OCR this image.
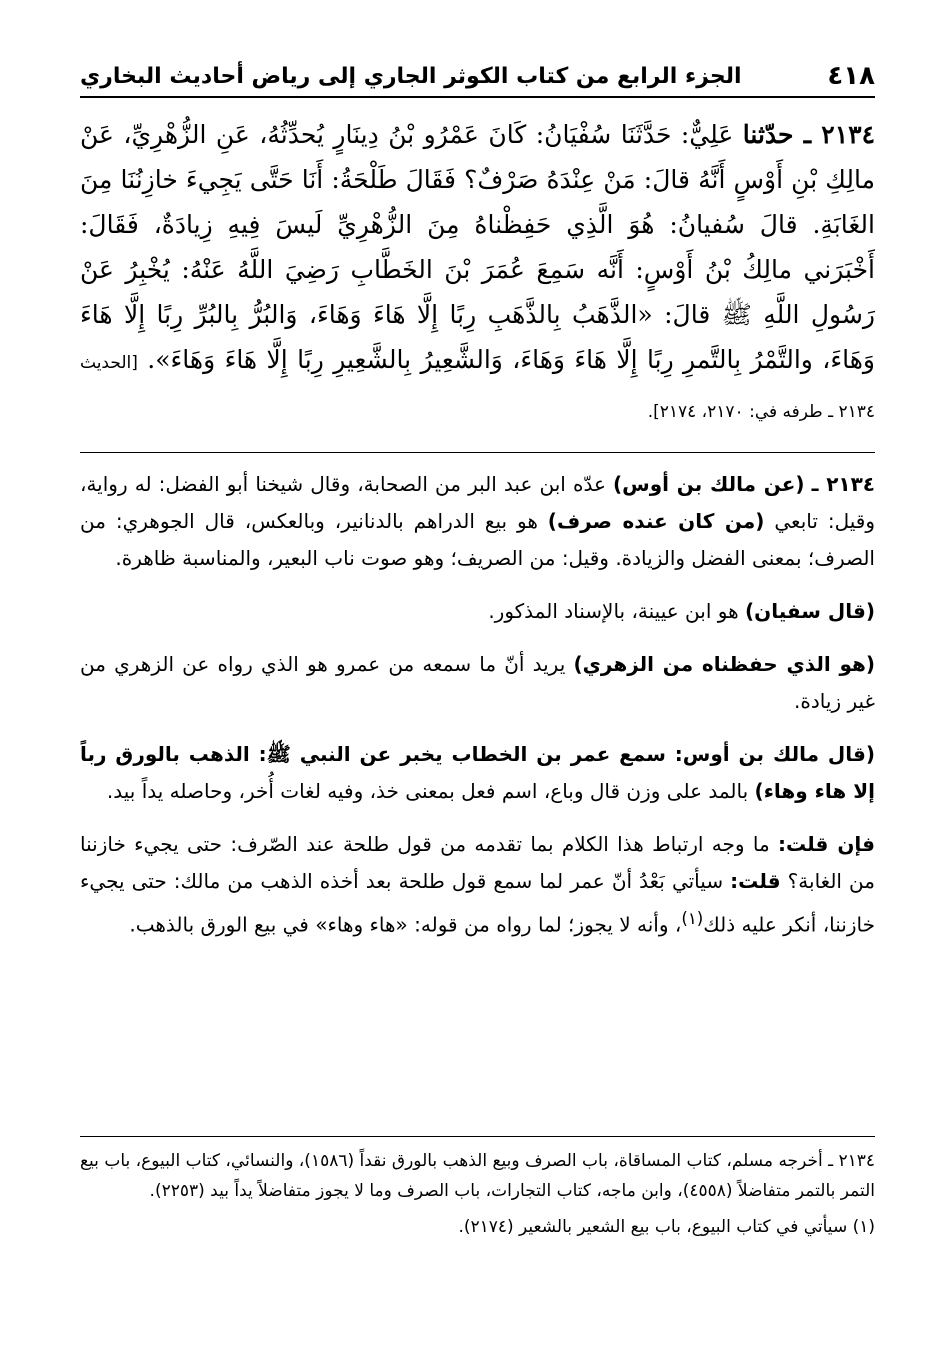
٤١٨
الجزء الرابع من كتاب الكوثر الجاري إلى رياض أحاديث البخاري
٢١٣٤ ـ حدّثنا عَلِيٌّ: حَدَّثَنَا سُفْيَانُ: كَانَ عَمْرُو بْنُ دِينَارٍ يُحدِّثُهُ، عَنِ الزُّهْرِيِّ، عَنْ مالِكِ بْنِ أَوْسٍ أَنَّهُ قالَ: مَنْ عِنْدَهُ صَرْفٌ؟ فَقَالَ طَلْحَةُ: أَنَا حَتَّى يَجِيءَ خازِنُنَا مِنَ الغَابَةِ. قالَ سُفيانُ: هُوَ الَّذِي حَفِظْناهُ مِنَ الزُّهْرِيِّ لَيسَ فِيهِ زِيادَةٌ، فَقَالَ: أَخْبَرَني مالِكُ بْنُ أَوْسٍ: أَنَّه سَمِعَ عُمَرَ بْنَ الخَطَّابِ رَضِيَ اللَّهُ عَنْهُ: يُخْبِرُ عَنْ رَسُولِ اللَّهِ ﷺ قالَ: «الذَّهَبُ بِالذَّهَبِ رِبًا إِلَّا هَاءَ وَهَاءَ، وَالبُرُّ بِالبُرِّ رِبًا إِلَّا هَاءَ وَهَاءَ، والتَّمْرُ بِالتَّمرِ رِبًا إِلَّا هَاءَ وَهَاءَ، وَالشَّعِيرُ بِالشَّعِيرِ رِبًا إِلَّا هَاءَ وَهَاءَ». [الحديث ٢١٣٤ ـ طرفه في: ٢١٧٠، ٢١٧٤].

٢١٣٤ ـ (عن مالك بن أوس) عدّه ابن عبد البر من الصحابة، وقال شيخنا أبو الفضل: له رواية، وقيل: تابعي (من كان عنده صرف) هو بيع الدراهم بالدنانير، وبالعكس، قال الجوهري: من الصرف؛ بمعنى الفضل والزيادة. وقيل: من الصريف؛ وهو صوت ناب البعير، والمناسبة ظاهرة.

(قال سفيان) هو ابن عيينة، بالإسناد المذكور.

(هو الذي حفظناه من الزهري) يريد أنّ ما سمعه من عمرو هو الذي رواه عن الزهري من غير زيادة.

(قال مالك بن أوس: سمع عمر بن الخطاب يخبر عن النبي ﷺ: الذهب بالورق رباً إلا هاء وهاء) بالمد على وزن قال وباع، اسم فعل بمعنى خذ، وفيه لغات أُخر، وحاصله يداً بيد.

فإن قلت: ما وجه ارتباط هذا الكلام بما تقدمه من قول طلحة عند الصّرف: حتى يجيء خازننا من الغابة؟ قلت: سيأتي بَعْدُ أنّ عمر لما سمع قول طلحة بعد أخذه الذهب من مالك: حتى يجيء خازننا، أنكر عليه ذلك$^{(١)}$، وأنه لا يجوز؛ لما رواه من قوله: «هاء وهاء» في بيع الورق بالذهب.

٢١٣٤ ـ أخرجه مسلم، كتاب المساقاة، باب الصرف وبيع الذهب بالورق نقداً (١٥٨٦)، والنسائي، كتاب البيوع، باب بيع التمر بالتمر متفاضلاً (٤٥٥٨)، وابن ماجه، كتاب التجارات، باب الصرف وما لا يجوز متفاضلاً يداً بيد (٢٢٥٣).

(١) سيأتي في كتاب البيوع، باب بيع الشعير بالشعير (٢١٧٤).
